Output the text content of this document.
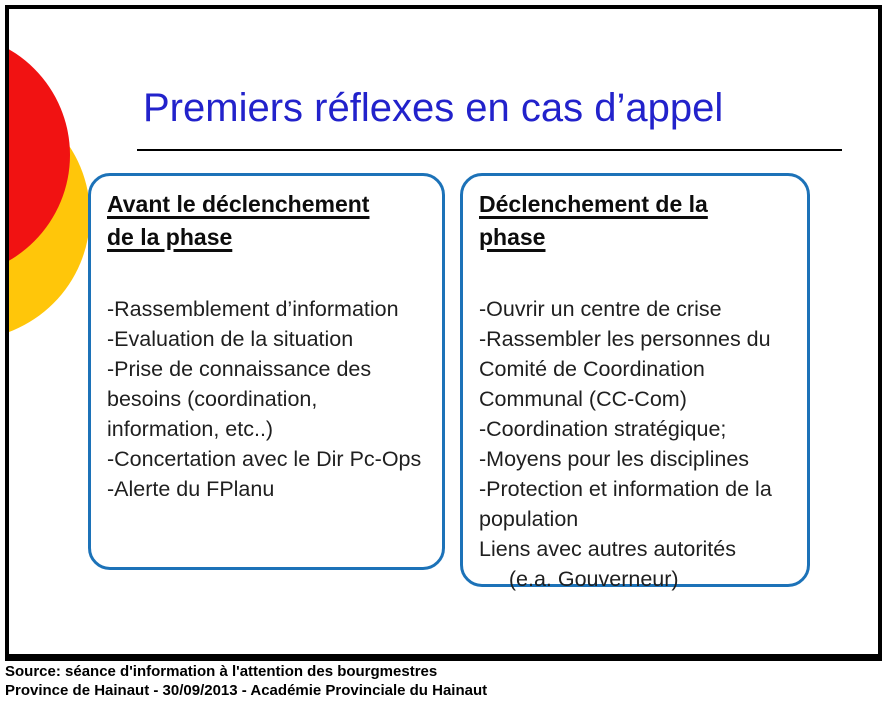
Premiers réflexes en cas d’appel
Avant le déclenchement
de la phase
-Rassemblement d’information
-Evaluation de la situation
-Prise de connaissance des
besoins (coordination,
information, etc..)
-Concertation avec le Dir Pc-Ops
-Alerte du FPlanu
Déclenchement de la
phase
-Ouvrir un centre de crise
-Rassembler les personnes du
Comité de Coordination
Communal (CC-Com)
-Coordination stratégique;
-Moyens pour les disciplines
-Protection et information de la
population
Liens avec autres autorités
(e.a. Gouverneur)
Source: séance d'information à l'attention des bourgmestres
Province de Hainaut - 30/09/2013 - Académie Provinciale du Hainaut
